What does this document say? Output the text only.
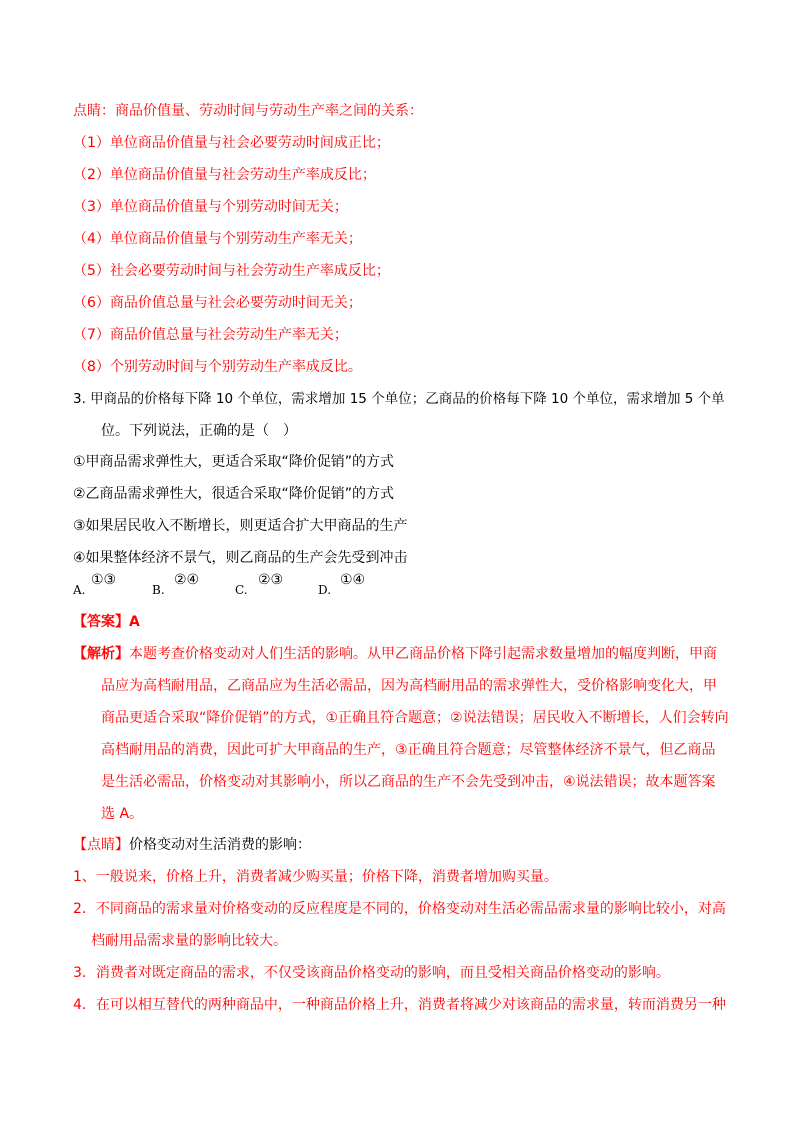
点睛：商品价值量、劳动时间与劳动生产率之间的关系：
（1）单位商品价值量与社会必要劳动时间成正比；
（2）单位商品价值量与社会劳动生产率成反比；
（3）单位商品价值量与个别劳动时间无关；
（4）单位商品价值量与个别劳动生产率无关；
（5）社会必要劳动时间与社会劳动生产率成反比；
（6）商品价值总量与社会必要劳动时间无关；
（7）商品价值总量与社会劳动生产率无关；
（8）个别劳动时间与个别劳动生产率成反比。
3. 甲商品的价格每下降 10 个单位，需求增加 15 个单位；乙商品的价格每下降 10 个单位，需求增加 5 个单
位。下列说法，正确的是（　）
①甲商品需求弹性大，更适合采取“降价促销”的方式
②乙商品需求弹性大，很适合采取“降价促销”的方式
③如果居民收入不断增长，则更适合扩大甲商品的生产
④如果整体经济不景气，则乙商品的生产会先受到冲击
A.
①③
B.
②④
C.
②③
D.
①④
【答案】A
【解析】本题考查价格变动对人们生活的影响。从甲乙商品价格下降引起需求数量增加的幅度判断，甲商
品应为高档耐用品，乙商品应为生活必需品，因为高档耐用品的需求弹性大，受价格影响变化大，甲
商品更适合采取“降价促销”的方式，①正确且符合题意；②说法错误；居民收入不断增长，人们会转向
高档耐用品的消费，因此可扩大甲商品的生产，③正确且符合题意；尽管整体经济不景气，但乙商品
是生活必需品，价格变动对其影响小，所以乙商品的生产不会先受到冲击，④说法错误；故本题答案
选 A。
【点睛】价格变动对生活消费的影响：
1、一般说来，价格上升，消费者减少购买量；价格下降，消费者增加购买量。
2．不同商品的需求量对价格变动的反应程度是不同的，价格变动对生活必需品需求量的影响比较小，对高
档耐用品需求量的影响比较大。
3．消费者对既定商品的需求，不仅受该商品价格变动的影响，而且受相关商品价格变动的影响。
4．在可以相互替代的两种商品中，一种商品价格上升，消费者将减少对该商品的需求量，转而消费另一种
